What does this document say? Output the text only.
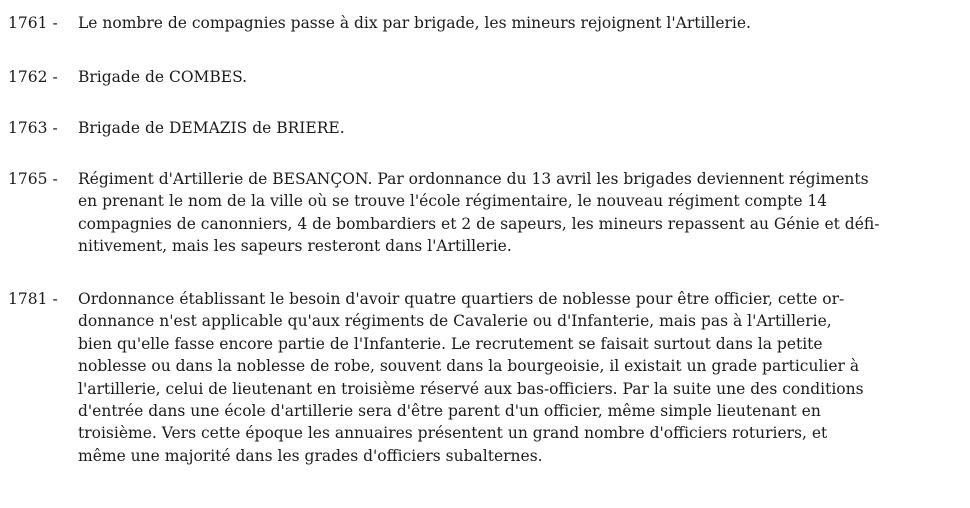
1761 - Le nombre de compagnies passe à dix par brigade, les mineurs rejoignent l'Artillerie.
1762 - Brigade de COMBES.
1763 - Brigade de DEMAZIS de BRIERE.
1765 - Régiment d'Artillerie de BESANÇON. Par ordonnance du 13 avril les brigades deviennent régiments
en prenant le nom de la ville où se trouve l'école régimentaire, le nouveau régiment compte 14
compagnies de canonniers, 4 de bombardiers et 2 de sapeurs, les mineurs repassent au Génie et défi-
nitivement, mais les sapeurs resteront dans l'Artillerie.
1781 - Ordonnance établissant le besoin d'avoir quatre quartiers de noblesse pour être officier, cette or-
donnance n'est applicable qu'aux régiments de Cavalerie ou d'Infanterie, mais pas à l'Artillerie,
bien qu'elle fasse encore partie de l'Infanterie. Le recrutement se faisait surtout dans la petite
noblesse ou dans la noblesse de robe, souvent dans la bourgeoisie, il existait un grade particulier à
l'artillerie, celui de lieutenant en troisième réservé aux bas-officiers. Par la suite une des conditions
d'entrée dans une école d'artillerie sera d'être parent d'un officier, même simple lieutenant en
troisième. Vers cette époque les annuaires présentent un grand nombre d'officiers roturiers, et
même une majorité dans les grades d'officiers subalternes.
